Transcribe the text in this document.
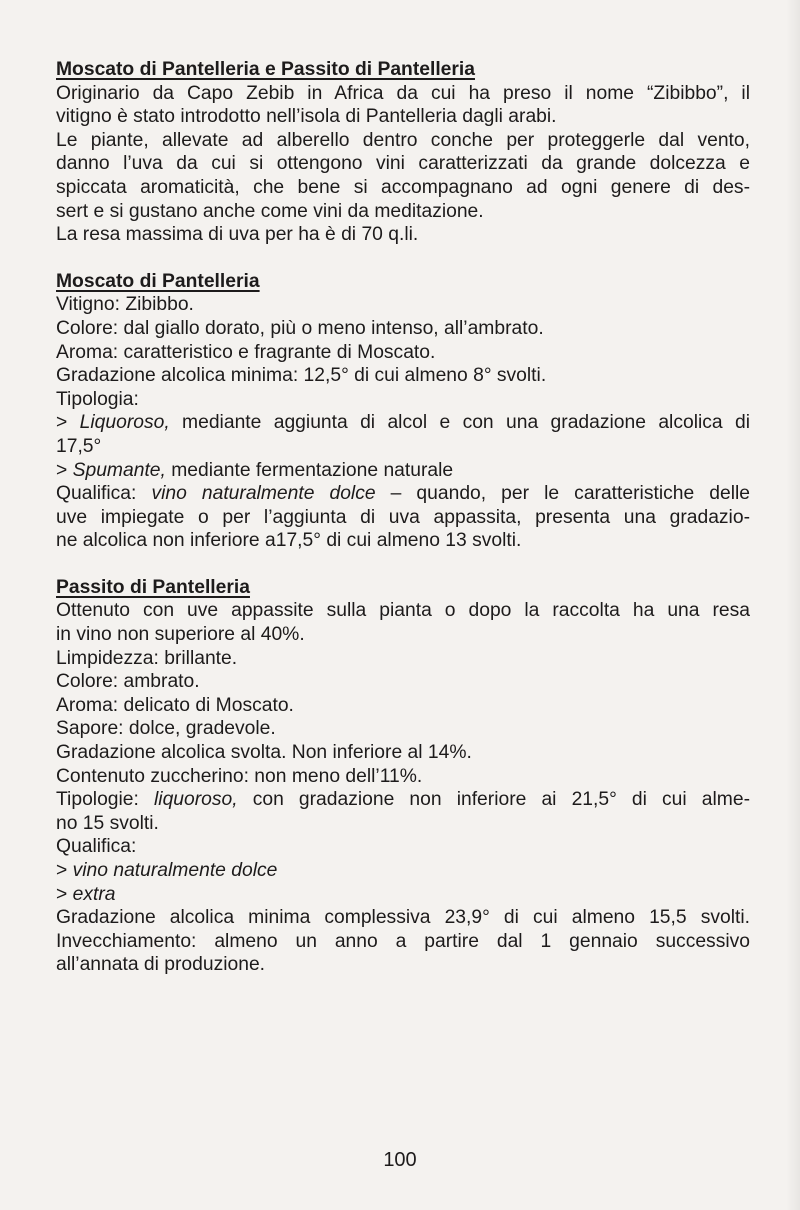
Moscato di Pantelleria e Passito di Pantelleria

Originario da Capo Zebib in Africa da cui ha preso il nome “Zibibbo”, il

vitigno è stato introdotto nell’isola di Pantelleria dagli arabi.

Le piante, allevate ad alberello dentro conche per proteggerle dal vento,

danno l’uva da cui si ottengono vini caratterizzati da grande dolcezza e

spiccata aromaticità, che bene si accompagnano ad ogni genere di des-

sert e si gustano anche come vini da meditazione.

La resa massima di uva per ha è di 70 q.li.

Moscato di Pantelleria

Vitigno: Zibibbo.

Colore: dal giallo dorato, più o meno intenso, all’ambrato.

Aroma: caratteristico e fragrante di Moscato.

Gradazione alcolica minima: 12,5° di cui almeno 8° svolti.

Tipologia:

> Liquoroso, mediante aggiunta di alcol e con una gradazione alcolica di

17,5°

> Spumante, mediante fermentazione naturale

Qualifica: vino naturalmente dolce – quando, per le caratteristiche delle

uve impiegate o per l’aggiunta di uva appassita, presenta una gradazio-

ne alcolica non inferiore a17,5° di cui almeno 13 svolti.

Passito di Pantelleria

Ottenuto con uve appassite sulla pianta o dopo la raccolta ha una resa

in vino non superiore al 40%.

Limpidezza: brillante.

Colore: ambrato.

Aroma: delicato di Moscato.

Sapore: dolce, gradevole.

Gradazione alcolica svolta. Non inferiore al 14%.

Contenuto zuccherino: non meno dell’11%.

Tipologie: liquoroso, con gradazione non inferiore ai 21,5° di cui alme-

no 15 svolti.

Qualifica:

> vino naturalmente dolce

> extra

Gradazione alcolica minima complessiva 23,9° di cui almeno 15,5 svolti.

Invecchiamento: almeno un anno a partire dal 1 gennaio successivo

all’annata di produzione.

100
